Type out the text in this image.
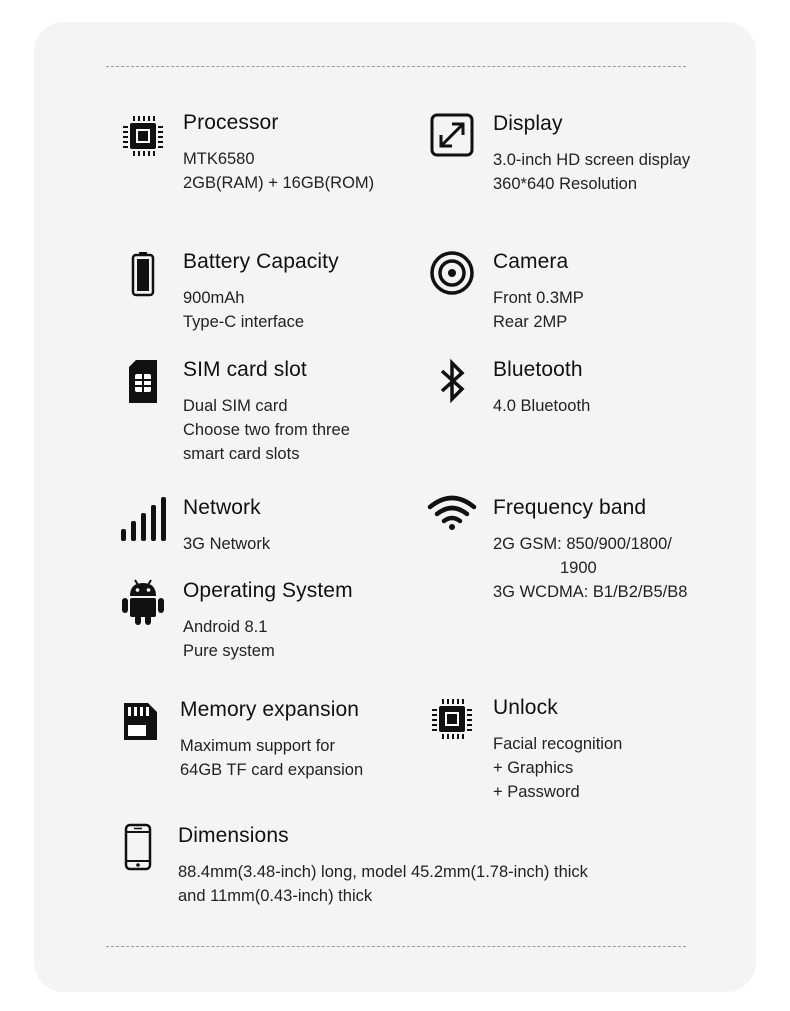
Processor
MTK6580
2GB(RAM) + 16GB(ROM)
Display
3.0-inch HD screen display
360*640 Resolution
Battery Capacity
900mAh
Type-C interface
Camera
Front 0.3MP
Rear 2MP
SIM card slot
Dual SIM card
Choose two from three
smart card slots
Bluetooth
4.0 Bluetooth
Network
3G Network
Frequency band
2G GSM: 850/900/1800/
1900
3G WCDMA: B1/B2/B5/B8
Operating System
Android 8.1
Pure system
Memory expansion
Maximum support for
64GB TF card expansion
Unlock
Facial recognition
+ Graphics
+ Password
Dimensions
88.4mm(3.48-inch) long, model 45.2mm(1.78-inch) thick
and 11mm(0.43-inch) thick
